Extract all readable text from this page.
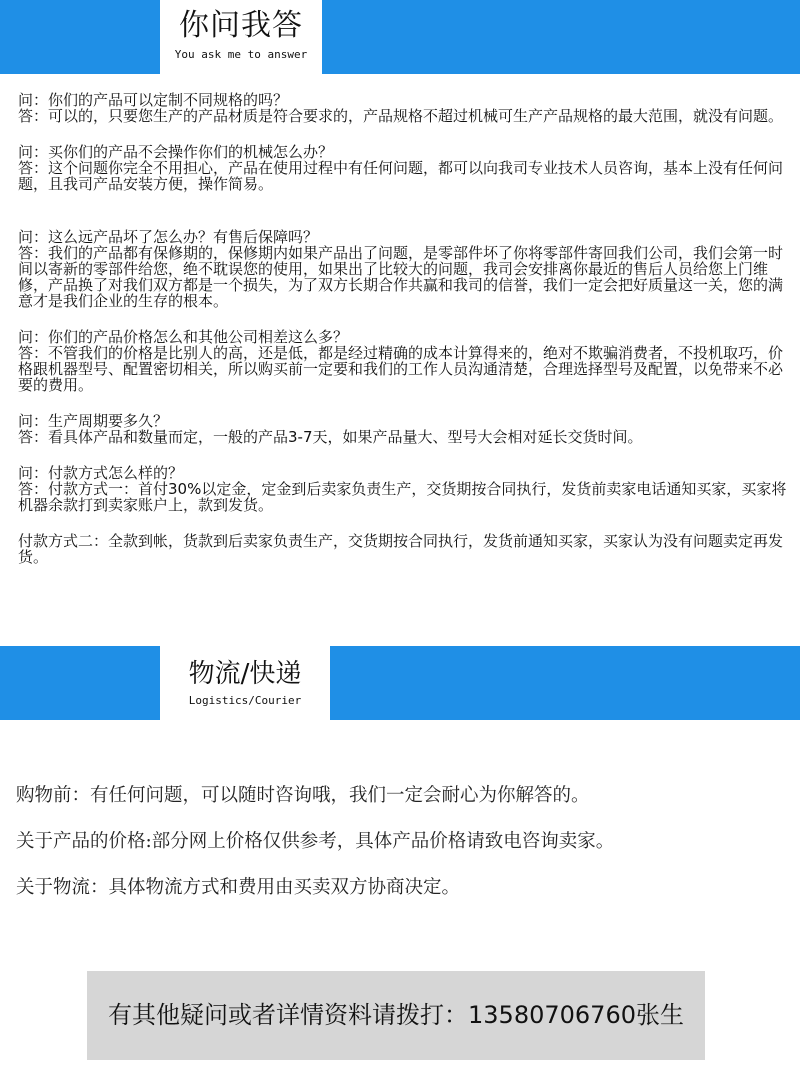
你问我答
You ask me to answer

问：你们的产品可以定制不同规格的吗？

答：可以的，只要您生产的产品材质是符合要求的，产品规格不超过机械可生产产品规格的最大范围，就没有问题。

问：买你们的产品不会操作你们的机械怎么办？

答：这个问题你完全不用担心，产品在使用过程中有任何问题，都可以向我司专业技术人员咨询，基本上没有任何问题，且我司产品安装方便，操作简易。

问：这么远产品坏了怎么办？有售后保障吗？

答：我们的产品都有保修期的，保修期内如果产品出了问题，是零部件坏了你将零部件寄回我们公司，我们会第一时间以寄新的零部件给您，绝不耽误您的使用，如果出了比较大的问题，我司会安排离你最近的售后人员给您上门维修，产品换了对我们双方都是一个损失，为了双方长期合作共赢和我司的信誉，我们一定会把好质量这一关，您的满意才是我们企业的生存的根本。

问：你们的产品价格怎么和其他公司相差这么多？

答：不管我们的价格是比别人的高，还是低，都是经过精确的成本计算得来的，绝对不欺骗消费者，不投机取巧，价格跟机器型号、配置密切相关，所以购买前一定要和我们的工作人员沟通清楚，合理选择型号及配置，以免带来不必要的费用。

问：生产周期要多久？

答：看具体产品和数量而定，一般的产品3-7天，如果产品量大、型号大会相对延长交货时间。

问：付款方式怎么样的？

答：付款方式一：首付30%以定金，定金到后卖家负责生产，交货期按合同执行，发货前卖家电话通知买家，买家将机器余款打到卖家账户上，款到发货。

付款方式二：全款到帐，货款到后卖家负责生产，交货期按合同执行，发货前通知买家，买家认为没有问题卖定再发货。

物流/快递
Logistics/Courier

购物前：有任何问题，可以随时咨询哦，我们一定会耐心为你解答的。

关于产品的价格:部分网上价格仅供参考，具体产品价格请致电咨询卖家。

关于物流：具体物流方式和费用由买卖双方协商决定。

有其他疑问或者详情资料请拨打：13580706760张生
